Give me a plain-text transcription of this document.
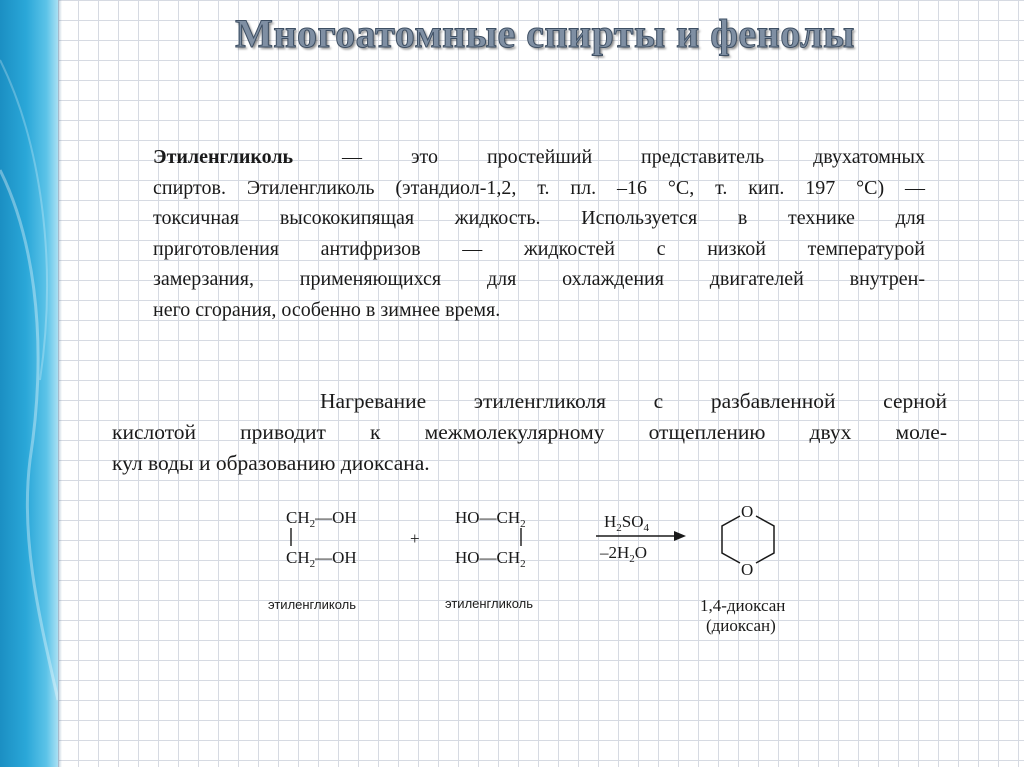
Многоатомные спирты и фенолы
Этиленгликоль — это простейший представитель двухатомных
спиртов. Этиленгликоль (этандиол-1,2, т. пл. –16 °С, т. кип. 197 °С) —
токсичная высококипящая жидкость. Используется в технике для
приготовления антифризов — жидкостей с низкой температурой
замерзания, применяющихся для охлаждения двигателей внутрен-
него сгорания, особенно в зимнее время.
Нагревание этиленгликоля с разбавленной серной
кислотой приводит к межмолекулярному отщеплению двух моле-
кул воды и образованию диоксана.
$CH_2—OH$
$CH_2—OH$
этиленгликоль
+
$HO—CH_2$
$HO—CH_2$
этиленгликоль
$H_2SO_4$
$-2H_2O$
O
O
1,4-диоксан
(диоксан)
